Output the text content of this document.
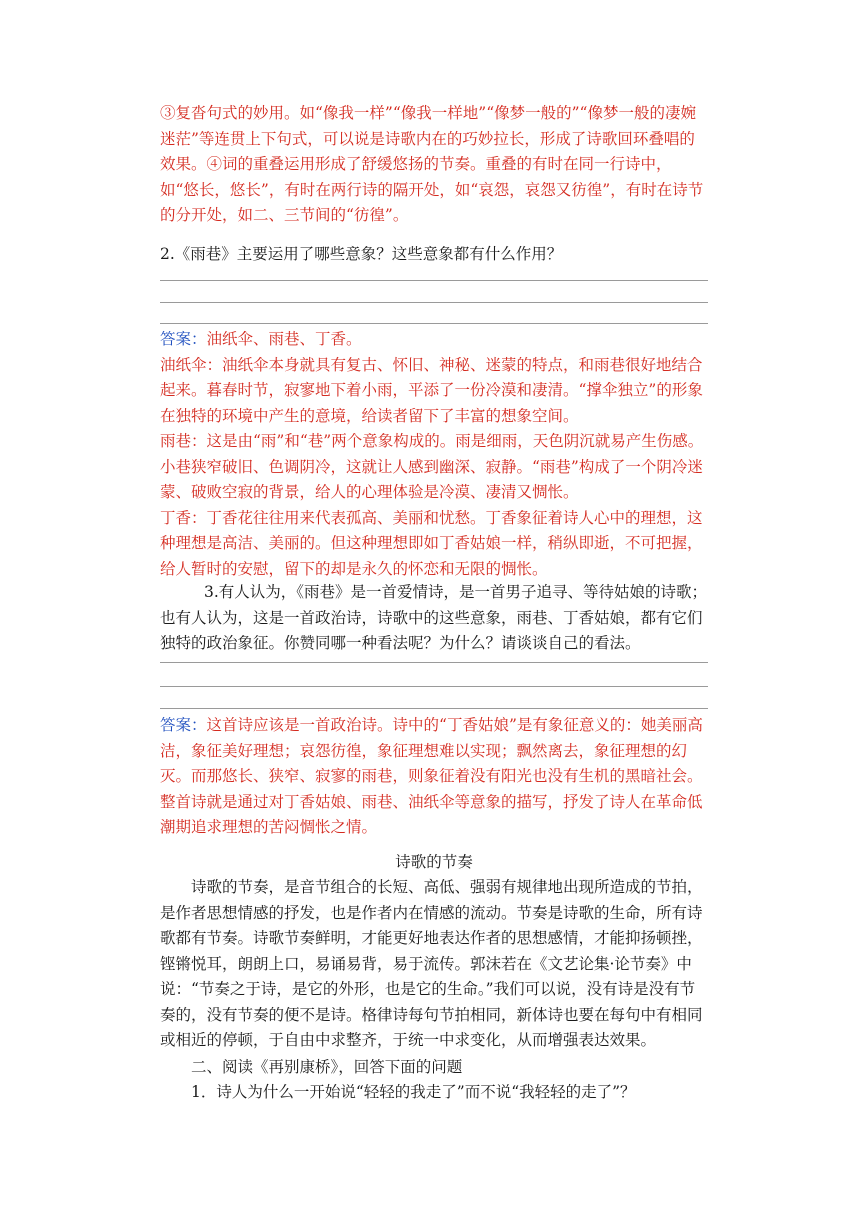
③复沓句式的妙用。如“像我一样”“像我一样地”“像梦一般的”“像梦一般的凄婉迷茫”等连贯上下句式，可以说是诗歌内在的巧妙拉长，形成了诗歌回环叠唱的效果。④词的重叠运用形成了舒缓悠扬的节奏。重叠的有时在同一行诗中，如“悠长，悠长”，有时在两行诗的隔开处，如“哀怨，哀怨又彷徨”，有时在诗节的分开处，如二、三节间的“彷徨”。

2.《雨巷》主要运用了哪些意象？这些意象都有什么作用？

答案：油纸伞、雨巷、丁香。

油纸伞：油纸伞本身就具有复古、怀旧、神秘、迷蒙的特点，和雨巷很好地结合起来。暮春时节，寂寥地下着小雨，平添了一份冷漠和凄清。“撑伞独立”的形象在独特的环境中产生的意境，给读者留下了丰富的想象空间。

雨巷：这是由“雨”和“巷”两个意象构成的。雨是细雨，天色阴沉就易产生伤感。小巷狭窄破旧、色调阴冷，这就让人感到幽深、寂静。“雨巷”构成了一个阴冷迷蒙、破败空寂的背景，给人的心理体验是冷漠、凄清又惆怅。

丁香：丁香花往往用来代表孤高、美丽和忧愁。丁香象征着诗人心中的理想，这种理想是高洁、美丽的。但这种理想即如丁香姑娘一样，稍纵即逝，不可把握，给人暂时的安慰，留下的却是永久的怀恋和无限的惆怅。

3.有人认为，《雨巷》是一首爱情诗，是一首男子追寻、等待姑娘的诗歌；也有人认为，这是一首政治诗，诗歌中的这些意象，雨巷、丁香姑娘，都有它们独特的政治象征。你赞同哪一种看法呢？为什么？请谈谈自己的看法。

答案：这首诗应该是一首政治诗。诗中的“丁香姑娘”是有象征意义的：她美丽高洁，象征美好理想；哀怨彷徨，象征理想难以实现；飘然离去，象征理想的幻灭。而那悠长、狭窄、寂寥的雨巷，则象征着没有阳光也没有生机的黑暗社会。整首诗就是通过对丁香姑娘、雨巷、油纸伞等意象的描写，抒发了诗人在革命低潮期追求理想的苦闷惆怅之情。

诗歌的节奏

诗歌的节奏，是音节组合的长短、高低、强弱有规律地出现所造成的节拍，是作者思想情感的抒发，也是作者内在情感的流动。节奏是诗歌的生命，所有诗歌都有节奏。诗歌节奏鲜明，才能更好地表达作者的思想感情，才能抑扬顿挫，铿锵悦耳，朗朗上口，易诵易背，易于流传。郭沫若在《文艺论集·论节奏》中说：“节奏之于诗，是它的外形，也是它的生命。”我们可以说，没有诗是没有节奏的，没有节奏的便不是诗。格律诗每句节拍相同，新体诗也要在每句中有相同或相近的停顿，于自由中求整齐，于统一中求变化，从而增强表达效果。

二、阅读《再别康桥》，回答下面的问题

1．诗人为什么一开始说“轻轻的我走了”而不说“我轻轻的走了”？
